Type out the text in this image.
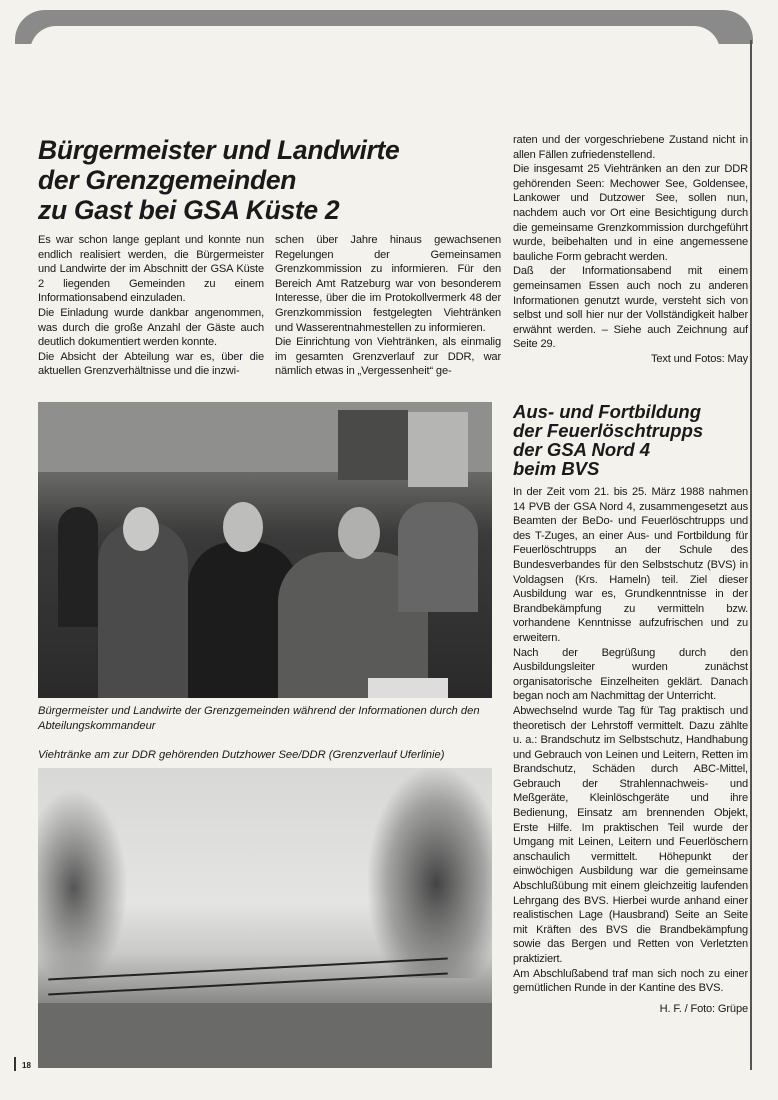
Bürgermeister und Landwirte
der Grenzgemeinden
zu Gast bei GSA Küste 2

Es war schon lange geplant und konnte nun endlich realisiert werden, die Bürgermeister und Landwirte der im Abschnitt der GSA Küste 2 liegenden Gemeinden zu einem Informationsabend einzuladen.

Die Einladung wurde dankbar angenommen, was durch die große Anzahl der Gäste auch deutlich dokumentiert werden konnte.

Die Absicht der Abteilung war es, über die aktuellen Grenzverhältnisse und die inzwi-

schen über Jahre hinaus gewachsenen Regelungen der Gemeinsamen Grenzkommission zu informieren. Für den Bereich Amt Ratzeburg war von besonderem Interesse, über die im Protokollvermerk 48 der Grenzkommission festgelegten Viehtränken und Wasserentnahmestellen zu informieren.

Die Einrichtung von Viehtränken, als einmalig im gesamten Grenzverlauf zur DDR, war nämlich etwas in „Vergessenheit“ ge-

raten und der vorgeschriebene Zustand nicht in allen Fällen zufriedenstellend.

Die insgesamt 25 Viehtränken an den zur DDR gehörenden Seen: Mechower See, Goldensee, Lankower und Dutzower See, sollen nun, nachdem auch vor Ort eine Besichtigung durch die gemeinsame Grenzkommission durchgeführt wurde, beibehalten und in eine angemessene bauliche Form gebracht werden.

Daß der Informationsabend mit einem gemeinsamen Essen auch noch zu anderen Informationen genutzt wurde, versteht sich von selbst und soll hier nur der Vollständigkeit halber erwähnt werden. – Siehe auch Zeichnung auf Seite 29.

Text und Fotos: May

Bürgermeister und Landwirte der Grenzgemeinden während der Informationen durch den Abteilungskommandeur
Viehtränke am zur DDR gehörenden Dutzhower See/DDR (Grenzverlauf Uferlinie)
Aus- und Fortbildung
der Feuerlöschtrupps
der GSA Nord 4
beim BVS

In der Zeit vom 21. bis 25. März 1988 nahmen 14 PVB der GSA Nord 4, zusammengesetzt aus Beamten der BeDo- und Feuerlöschtrupps und des T-Zuges, an einer Aus- und Fortbildung für Feuerlöschtrupps an der Schule des Bundesverbandes für den Selbstschutz (BVS) in Voldagsen (Krs. Hameln) teil. Ziel dieser Ausbildung war es, Grundkenntnisse in der Brandbekämpfung zu vermitteln bzw. vorhandene Kenntnisse aufzufrischen und zu erweitern.

Nach der Begrüßung durch den Ausbildungsleiter wurden zunächst organisatorische Einzelheiten geklärt. Danach began noch am Nachmittag der Unterricht.

Abwechselnd wurde Tag für Tag praktisch und theoretisch der Lehrstoff vermittelt. Dazu zählte u. a.: Brandschutz im Selbstschutz, Handhabung und Gebrauch von Leinen und Leitern, Retten im Brandschutz, Schäden durch ABC-Mittel, Gebrauch der Strahlennachweis- und Meßgeräte, Kleinlöschgeräte und ihre Bedienung, Einsatz am brennenden Objekt, Erste Hilfe. Im praktischen Teil wurde der Umgang mit Leinen, Leitern und Feuerlöschern anschaulich vermittelt. Höhepunkt der einwöchigen Ausbildung war die gemeinsame Abschlußübung mit einem gleichzeitig laufenden Lehrgang des BVS. Hierbei wurde anhand einer realistischen Lage (Hausbrand) Seite an Seite mit Kräften des BVS die Brandbekämpfung sowie das Bergen und Retten von Verletzten praktiziert.

Am Abschlußabend traf man sich noch zu einer gemütlichen Runde in der Kantine des BVS.

H. F. / Foto: Grüpe

18
